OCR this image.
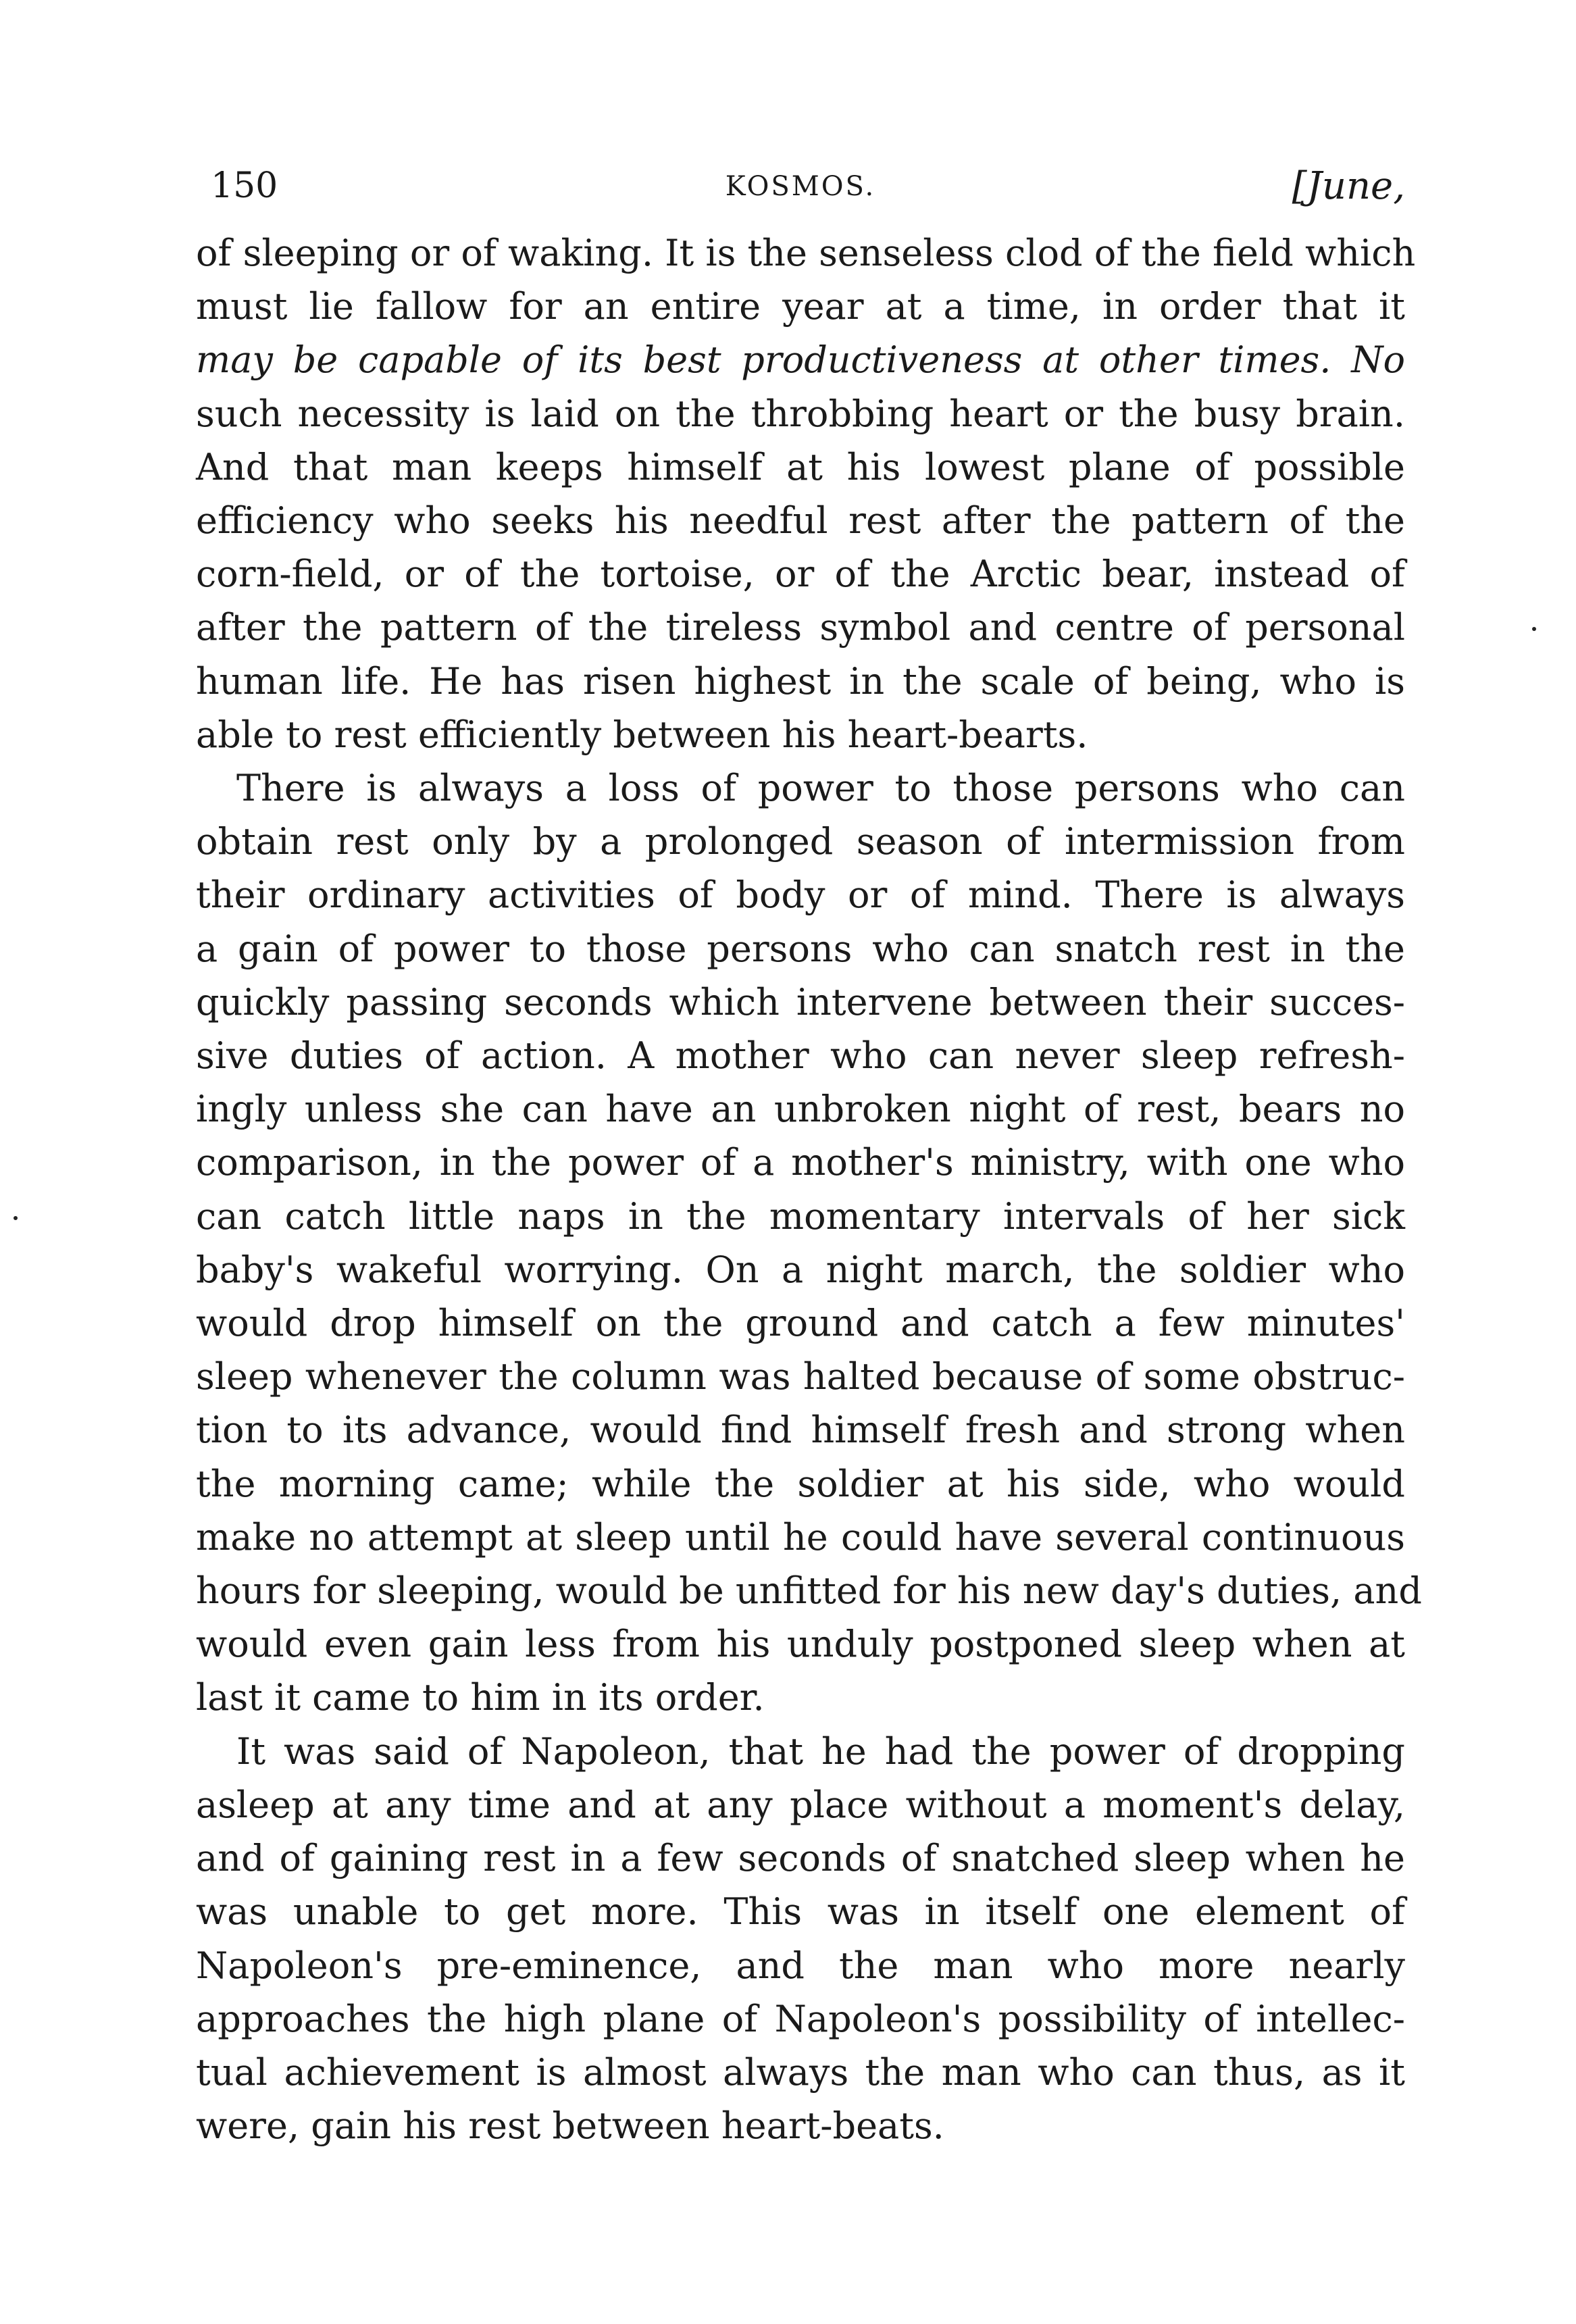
150	KOSMOS.	[June,

of sleeping or of waking. It is the senseless clod of the field which
must lie fallow for an entire year at a time, in order that it
may be capable of its best productiveness at other times. No
such necessity is laid on the throbbing heart or the busy brain.
And that man keeps himself at his lowest plane of possible
efficiency who seeks his needful rest after the pattern of the
corn-field, or of the tortoise, or of the Arctic bear, instead of
after the pattern of the tireless symbol and centre of personal
human life. He has risen highest in the scale of being, who is
able to rest efficiently between his heart-bearts.

There is always a loss of power to those persons who can
obtain rest only by a prolonged season of intermission from
their ordinary activities of body or of mind. There is always
a gain of power to those persons who can snatch rest in the
quickly passing seconds which intervene between their succes-
sive duties of action. A mother who can never sleep refresh-
ingly unless she can have an unbroken night of rest, bears no
comparison, in the power of a mother's ministry, with one who
can catch little naps in the momentary intervals of her sick
baby's wakeful worrying. On a night march, the soldier who
would drop himself on the ground and catch a few minutes'
sleep whenever the column was halted because of some obstruc-
tion to its advance, would find himself fresh and strong when
the morning came; while the soldier at his side, who would
make no attempt at sleep until he could have several continuous
hours for sleeping, would be unfitted for his new day's duties, and
would even gain less from his unduly postponed sleep when at
last it came to him in its order.

It was said of Napoleon, that he had the power of dropping
asleep at any time and at any place without a moment's delay,
and of gaining rest in a few seconds of snatched sleep when he
was unable to get more. This was in itself one element of
Napoleon's pre-eminence, and the man who more nearly
approaches the high plane of Napoleon's possibility of intellec-
tual achievement is almost always the man who can thus, as it
were, gain his rest between heart-beats.
